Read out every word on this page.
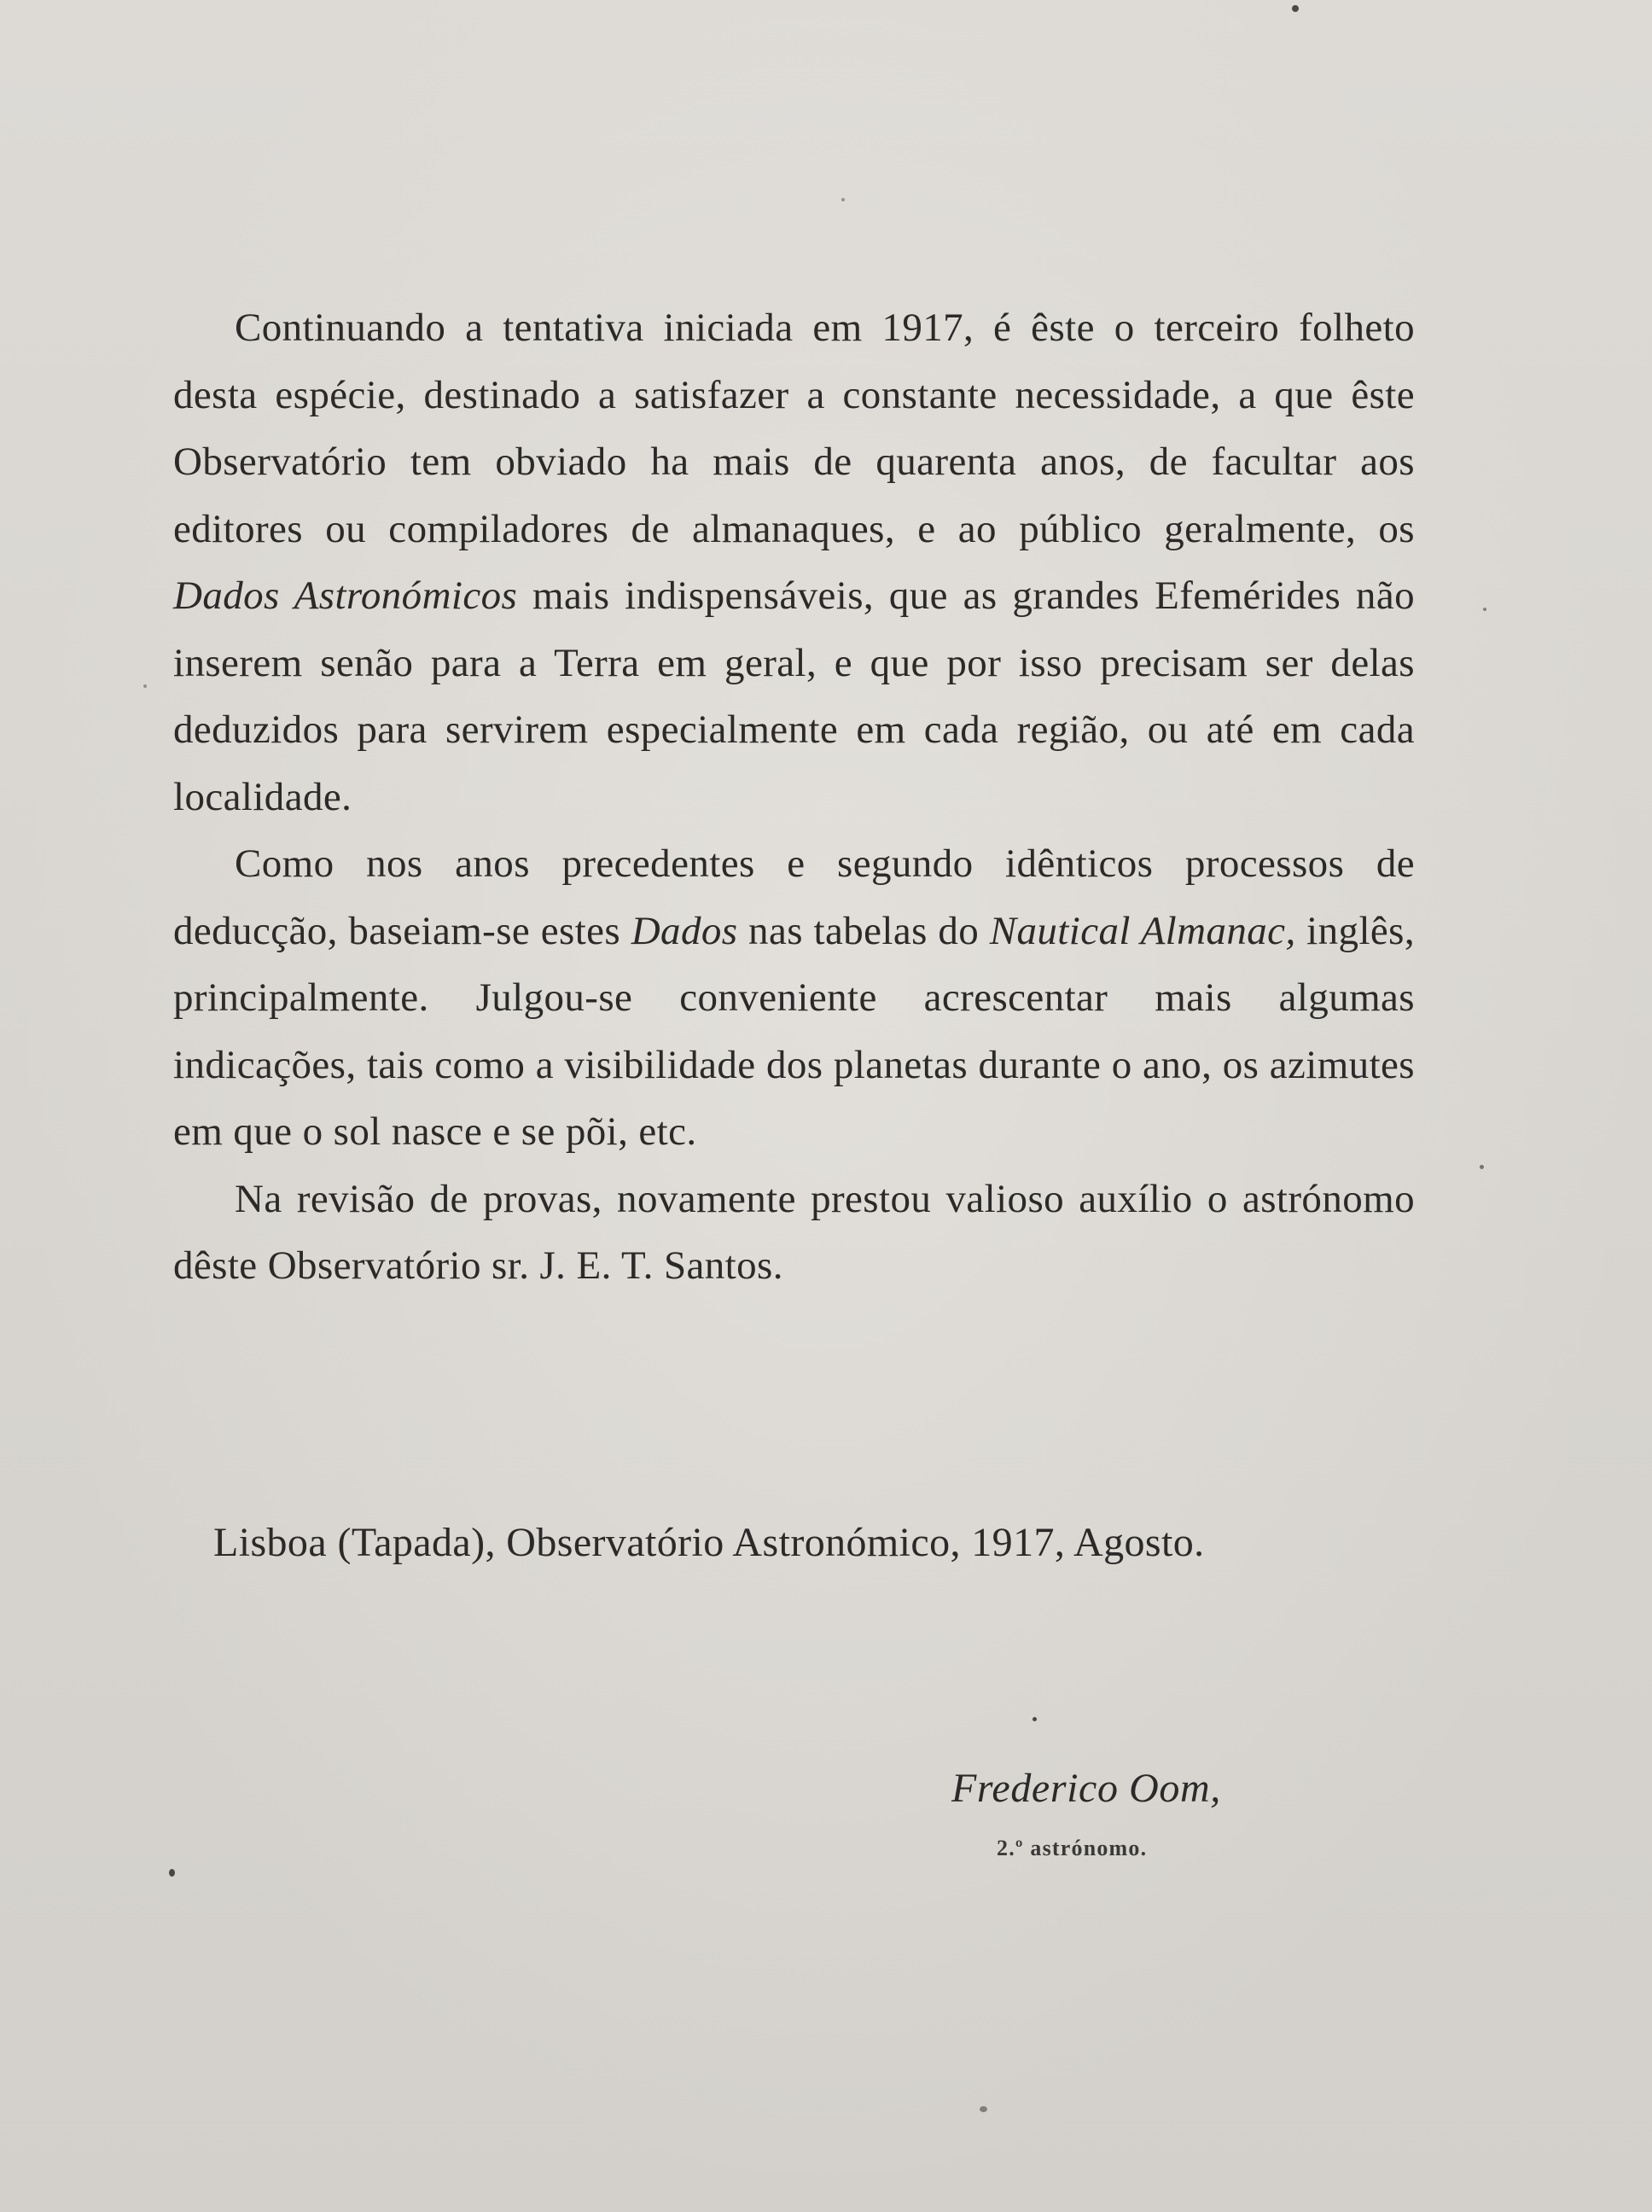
Continuando a tentativa iniciada em 1917, é êste o terceiro folheto desta espécie, destinado a satisfazer a constante necessidade, a que êste Observatório tem obviado ha mais de quarenta anos, de facultar aos editores ou compiladores de almanaques, e ao público geralmente, os Dados Astronómicos mais indispensáveis, que as grandes Efemérides não inserem senão para a Terra em geral, e que por isso precisam ser delas deduzidos para servirem especialmente em cada região, ou até em cada localidade.

Como nos anos precedentes e segundo idênticos processos de deducção, baseiam-se estes Dados nas tabelas do Nautical Almanac, inglês, principalmente. Julgou-se conveniente acrescentar mais algumas indicações, tais como a visibilidade dos planetas durante o ano, os azimutes em que o sol nasce e se põi, etc.

Na revisão de provas, novamente prestou valioso auxílio o astrónomo dêste Observatório sr. J. E. T. Santos.

Lisboa (Tapada), Observatório Astronómico, 1917, Agosto.
Frederico Oom,
2.º astrónomo.
